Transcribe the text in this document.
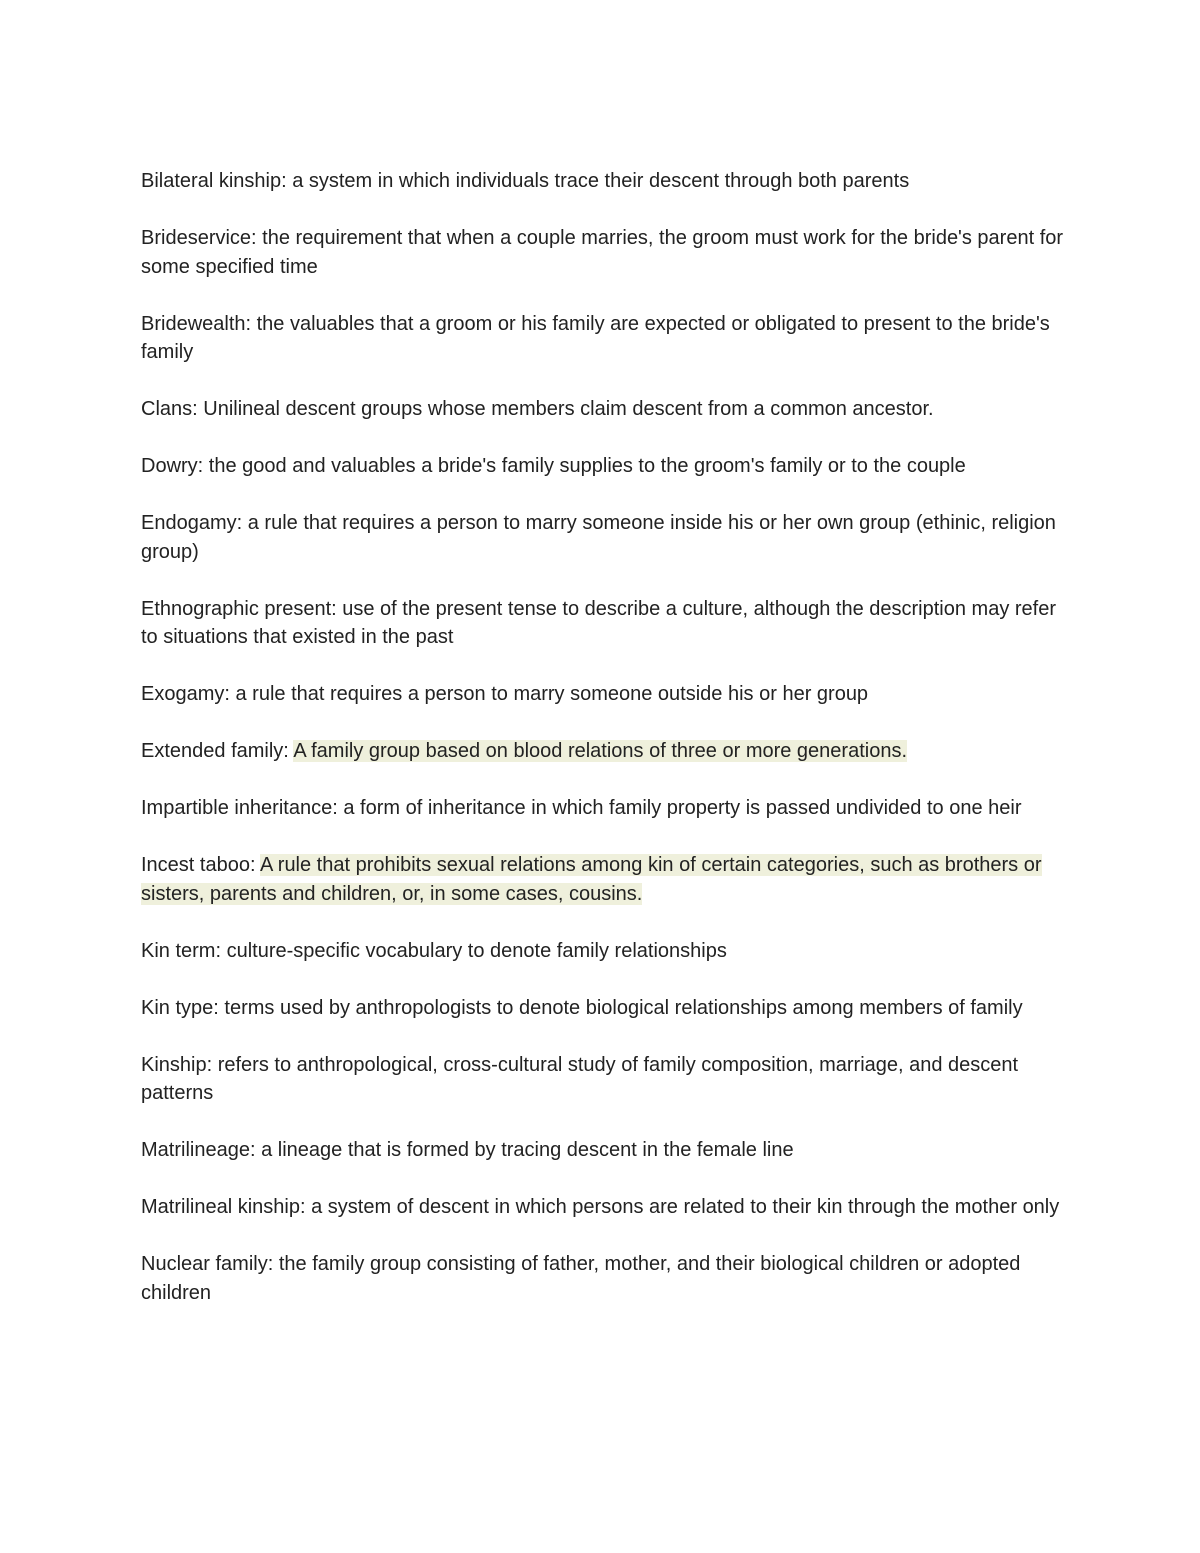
Bilateral kinship: a system in which individuals trace their descent through both parents

Brideservice: the requirement that when a couple marries, the groom must work for the bride's parent for some specified time

Bridewealth: the valuables that a groom or his family are expected or obligated to present to the bride's family

Clans: Unilineal descent groups whose members claim descent from a common ancestor.

Dowry: the good and valuables a bride's family supplies to the groom's family or to the couple

Endogamy: a rule that requires a person to marry someone inside his or her own group (ethinic, religion group)

Ethnographic present: use of the present tense to describe a culture, although the description may refer to situations that existed in the past

Exogamy: a rule that requires a person to marry someone outside his or her group

Extended family: A family group based on blood relations of three or more generations.

Impartible inheritance: a form of inheritance in which family property is passed undivided to one heir

Incest taboo: A rule that prohibits sexual relations among kin of certain categories, such as brothers or sisters, parents and children, or, in some cases, cousins.

Kin term: culture-specific vocabulary to denote family relationships

Kin type: terms used by anthropologists to denote biological relationships among members of family

Kinship: refers to anthropological, cross-cultural study of family composition, marriage, and descent patterns

Matrilineage: a lineage that is formed by tracing descent in the female line

Matrilineal kinship: a system of descent in which persons are related to their kin through the mother only

Nuclear family: the family group consisting of father, mother, and their biological children or adopted children
